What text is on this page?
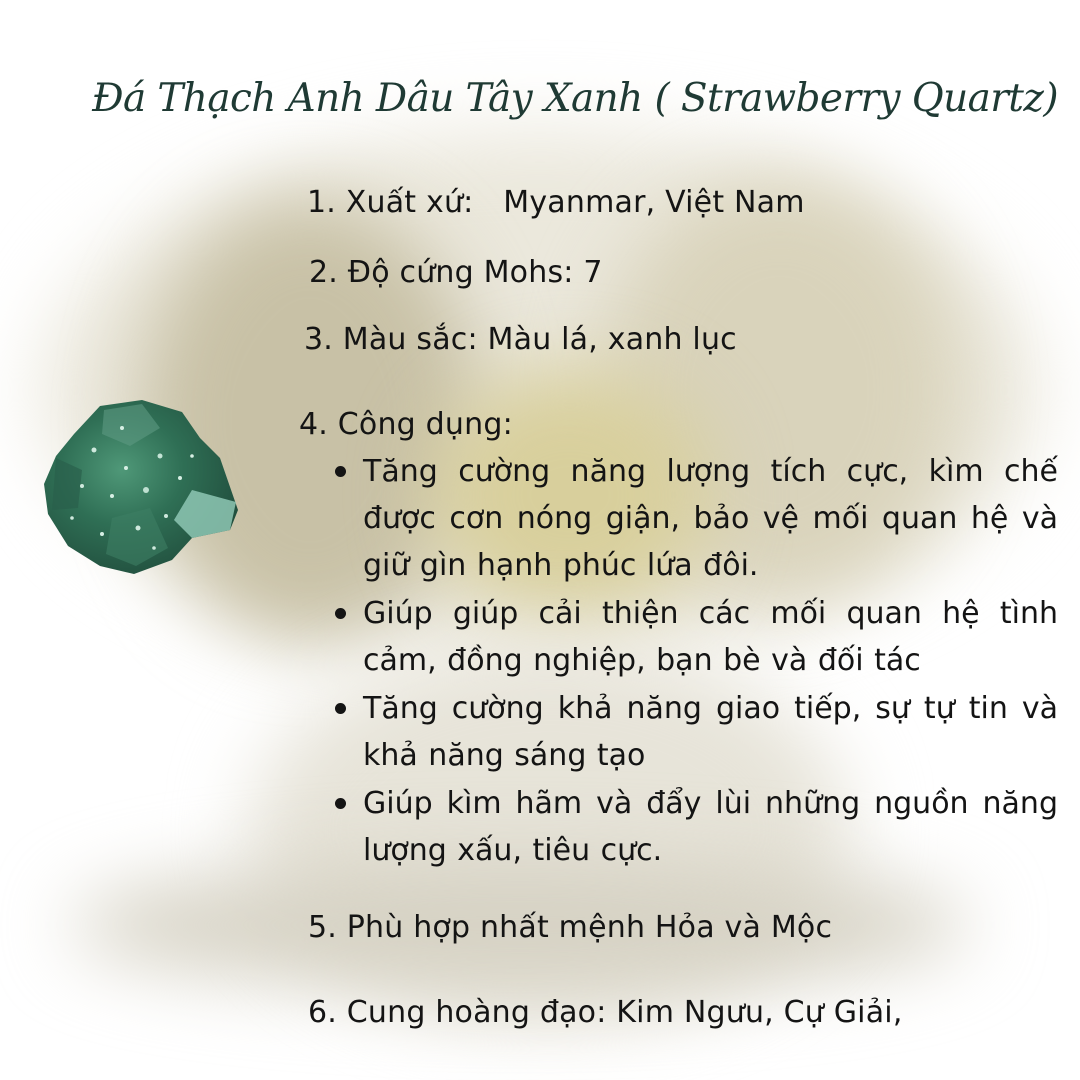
Đá Thạch Anh Dâu Tây Xanh ( Strawberry Quartz)
1. Xuất xứ: Myanmar, Việt Nam
2. Độ cứng Mohs: 7
3. Màu sắc: Màu lá, xanh lục
4. Công dụng:
Tăng cường năng lượng tích cực, kìm chế được cơn nóng giận, bảo vệ mối quan hệ và giữ gìn hạnh phúc lứa đôi.
Giúp giúp cải thiện các mối quan hệ tình cảm, đồng nghiệp, bạn bè và đối tác
Tăng cường khả năng giao tiếp, sự tự tin và khả năng sáng tạo
Giúp kìm hãm và đẩy lùi những nguồn năng lượng xấu, tiêu cực.
5. Phù hợp nhất mệnh Hỏa và Mộc
6. Cung hoàng đạo: Kim Ngưu, Cự Giải,
